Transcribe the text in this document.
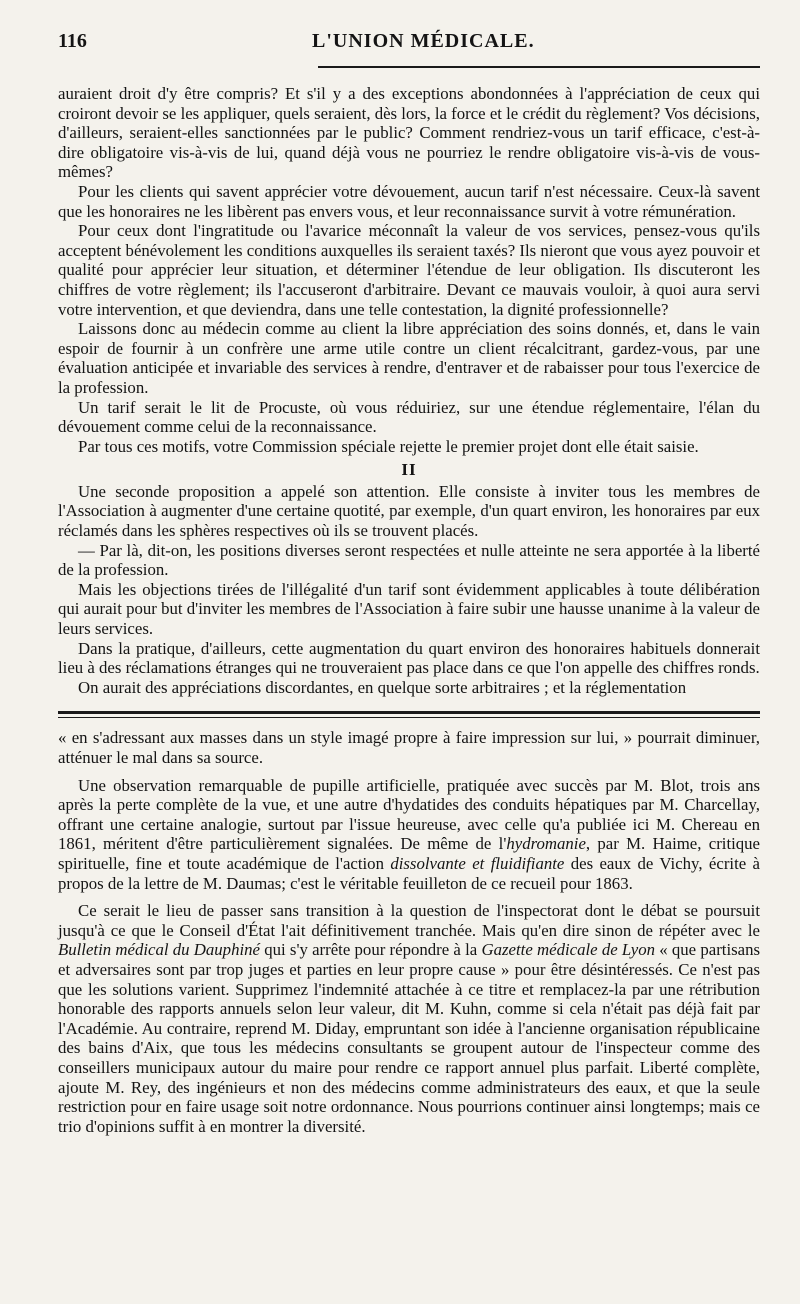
116	L'UNION MÉDICALE.

auraient droit d'y être compris? Et s'il y a des exceptions abondonnées à l'appréciation de ceux qui croiront devoir se les appliquer, quels seraient, dès lors, la force et le crédit du règlement? Vos décisions, d'ailleurs, seraient-elles sanctionnées par le public? Comment rendriez-vous un tarif efficace, c'est-à-dire obligatoire vis-à-vis de lui, quand déjà vous ne pourriez le rendre obligatoire vis-à-vis de vous-mêmes?

Pour les clients qui savent apprécier votre dévouement, aucun tarif n'est nécessaire. Ceux-là savent que les honoraires ne les libèrent pas envers vous, et leur reconnaissance survit à votre rémunération.

Pour ceux dont l'ingratitude ou l'avarice méconnaît la valeur de vos services, pensez-vous qu'ils acceptent bénévolement les conditions auxquelles ils seraient taxés? Ils nieront que vous ayez pouvoir et qualité pour apprécier leur situation, et déterminer l'étendue de leur obligation. Ils discuteront les chiffres de votre règlement; ils l'accuseront d'arbitraire. Devant ce mauvais vouloir, à quoi aura servi votre intervention, et que deviendra, dans une telle contestation, la dignité professionnelle?

Laissons donc au médecin comme au client la libre appréciation des soins donnés, et, dans le vain espoir de fournir à un confrère une arme utile contre un client récalcitrant, gardez-vous, par une évaluation anticipée et invariable des services à rendre, d'entraver et de rabaisser pour tous l'exercice de la profession.

Un tarif serait le lit de Procuste, où vous réduiriez, sur une étendue réglementaire, l'élan du dévouement comme celui de la reconnaissance.

Par tous ces motifs, votre Commission spéciale rejette le premier projet dont elle était saisie.

II

Une seconde proposition a appelé son attention. Elle consiste à inviter tous les membres de l'Association à augmenter d'une certaine quotité, par exemple, d'un quart environ, les honoraires par eux réclamés dans les sphères respectives où ils se trouvent placés.

— Par là, dit-on, les positions diverses seront respectées et nulle atteinte ne sera apportée à la liberté de la profession.

Mais les objections tirées de l'illégalité d'un tarif sont évidemment applicables à toute délibération qui aurait pour but d'inviter les membres de l'Association à faire subir une hausse unanime à la valeur de leurs services.

Dans la pratique, d'ailleurs, cette augmentation du quart environ des honoraires habituels donnerait lieu à des réclamations étranges qui ne trouveraient pas place dans ce que l'on appelle des chiffres ronds.

On aurait des appréciations discordantes, en quelque sorte arbitraires ; et la réglementation

« en s'adressant aux masses dans un style imagé propre à faire impression sur lui, » pourrait diminuer, atténuer le mal dans sa source.

Une observation remarquable de pupille artificielle, pratiquée avec succès par M. Blot, trois ans après la perte complète de la vue, et une autre d'hydatides des conduits hépatiques par M. Charcellay, offrant une certaine analogie, surtout par l'issue heureuse, avec celle qu'a publiée ici M. Chereau en 1861, méritent d'être particulièrement signalées. De même de l'hydromanie, par M. Haime, critique spirituelle, fine et toute académique de l'action dissolvante et fluidifiante des eaux de Vichy, écrite à propos de la lettre de M. Daumas; c'est le véritable feuilleton de ce recueil pour 1863.

Ce serait le lieu de passer sans transition à la question de l'inspectorat dont le débat se poursuit jusqu'à ce que le Conseil d'État l'ait définitivement tranchée. Mais qu'en dire sinon de répéter avec le Bulletin médical du Dauphiné qui s'y arrête pour répondre à la Gazette médicale de Lyon « que partisans et adversaires sont par trop juges et parties en leur propre cause » pour être désintéressés. Ce n'est pas que les solutions varient. Supprimez l'indemnité attachée à ce titre et remplacez-la par une rétribution honorable des rapports annuels selon leur valeur, dit M. Kuhn, comme si cela n'était pas déjà fait par l'Académie. Au contraire, reprend M. Diday, empruntant son idée à l'ancienne organisation républicaine des bains d'Aix, que tous les médecins consultants se groupent autour de l'inspecteur comme des conseillers municipaux autour du maire pour rendre ce rapport annuel plus parfait. Liberté complète, ajoute M. Rey, des ingénieurs et non des médecins comme administrateurs des eaux, et que la seule restriction pour en faire usage soit notre ordonnance. Nous pourrions continuer ainsi longtemps; mais ce trio d'opinions suffit à en montrer la diversité.
